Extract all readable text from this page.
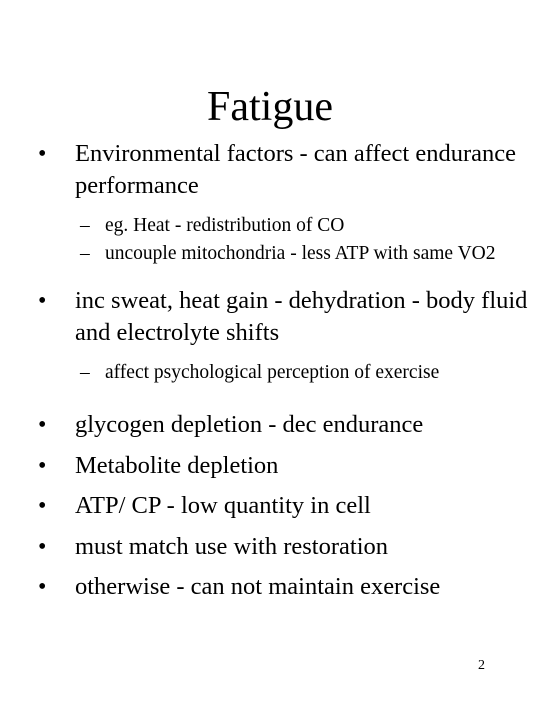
Fatigue
• Environmental factors - can affect endurance performance
– eg. Heat - redistribution of CO
– uncouple mitochondria - less ATP with same VO2
• inc sweat, heat gain - dehydration - body fluid and electrolyte shifts
– affect psychological perception of exercise
• glycogen depletion - dec endurance
• Metabolite depletion
• ATP/ CP - low quantity in cell
• must match use with restoration
• otherwise - can not maintain exercise
2
